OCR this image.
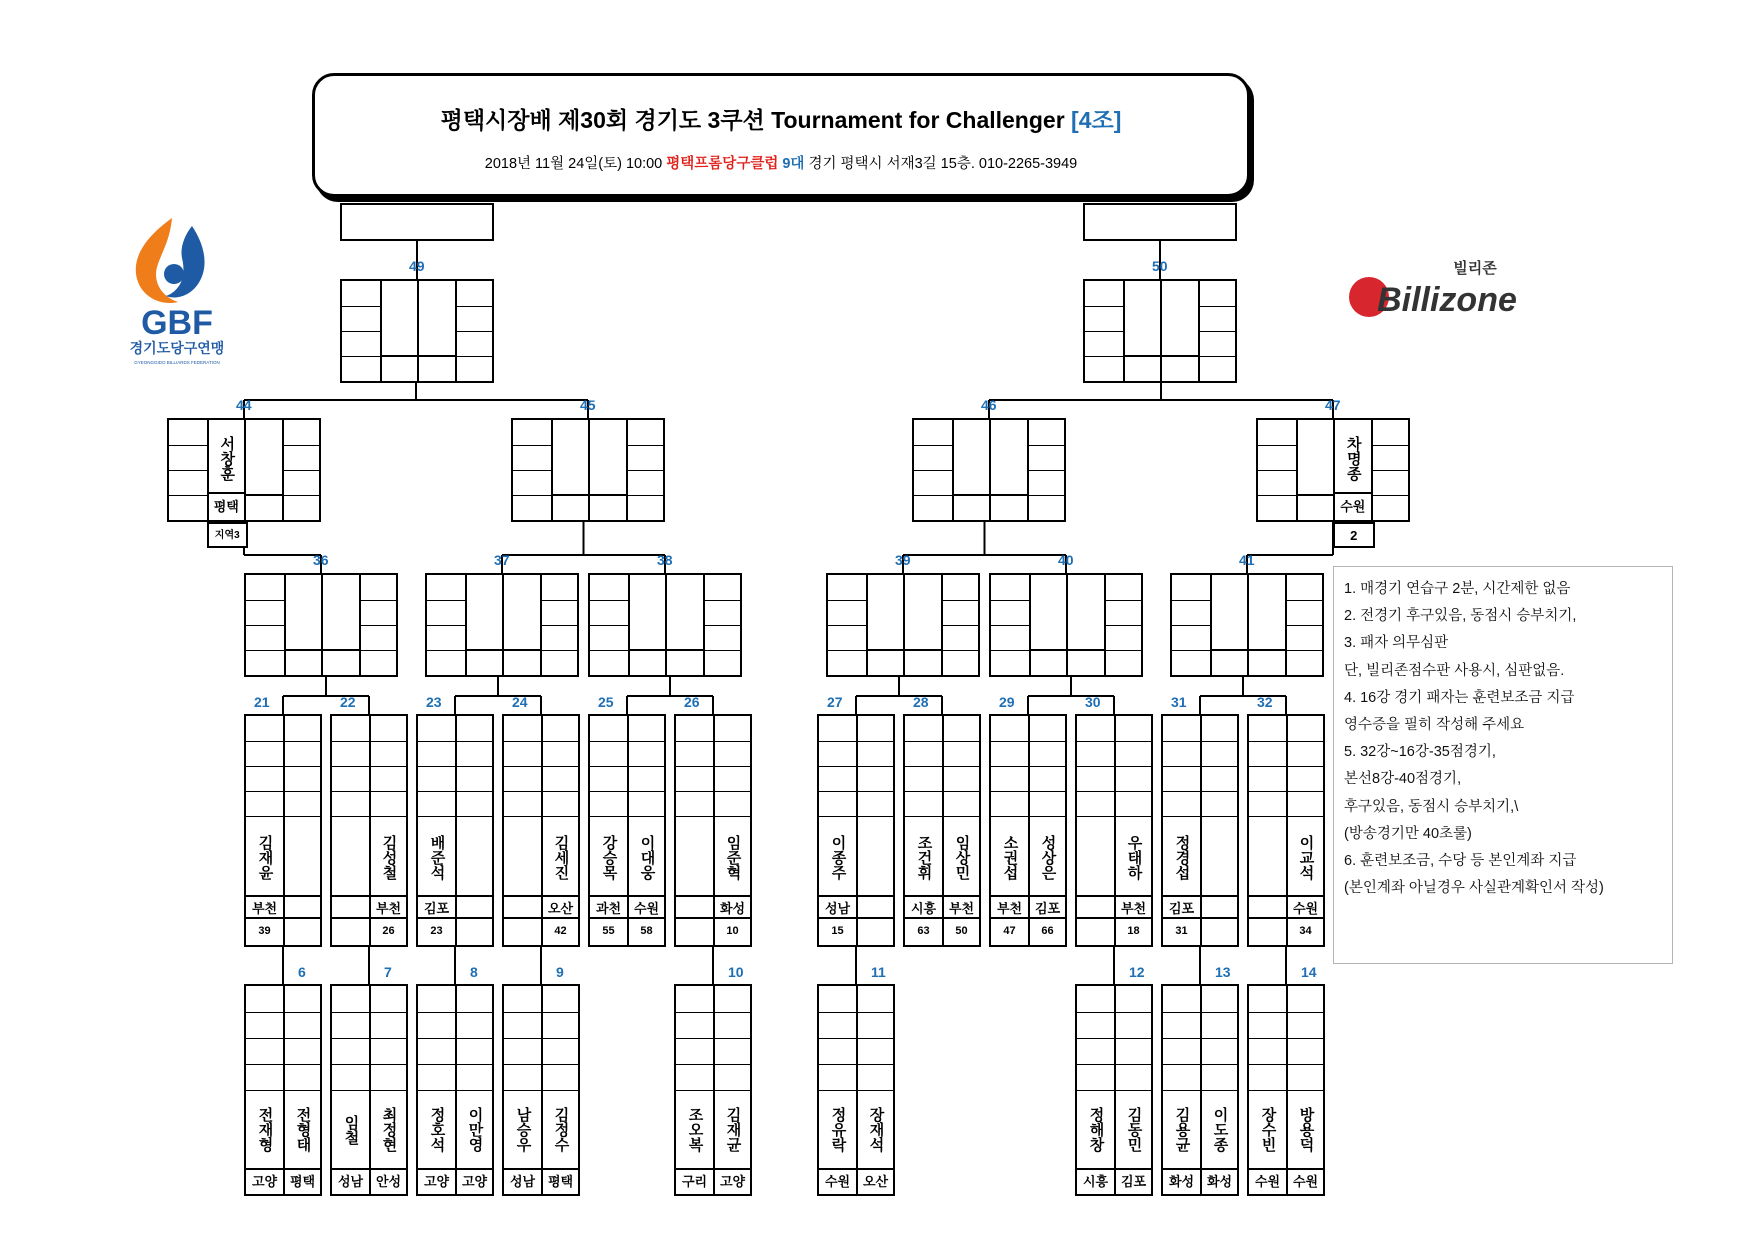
평택시장배 제30회 경기도 3쿠션 Tournament for Challenger [4조]
2018년 11월 24일(토) 10:00 평택프롬당구클럽 9대 경기 평택시 서재3길 15층. 010-2265-3949
GBF
경기도당구연맹
GYEONGGIDO BILLIARDS FEDERATION
빌리존
Billizone
전재형
고양
전형태
평택
6
임철
성남
최정현
안성
7
정호석
고양
이만영
고양
8
남승우
성남
김정수
평택
9
조오복
구리
김재균
고양
10
정유락
수원
장재석
오산
11
정해창
시흥
김동민
김포
12
김용균
화성
이도종
화성
13
장수빈
수원
방용덕
수원
14
김재윤
부천
39
21
김성철
부천
26
22
배준석
김포
23
23
김세진
오산
42
24
강승목
과천
55
이대웅
수원
58
25
임준혁
화성
10
26
이종주
성남
15
27
조건휘
시흥
63
임상민
부천
50
28
소권섭
부천
47
성상은
김포
66
29
우태하
부천
18
30
정경섭
김포
31
31
이교석
수원
34
32
36	37	38	39	40	41
서창훈
평택
지역3
44	45	46
차명종
수원
2
47
49	50
1. 매경기 연습구 2분, 시간제한 없음
2. 전경기 후구있음, 동점시 승부치기,
3. 패자 의무심판
단, 빌리존점수판 사용시, 심판없음.
4. 16강 경기 패자는 훈련보조금 지급
영수증을 필히 작성해 주세요
5. 32강~16강-35점경기,
본선8강-40점경기,
후구있음, 동점시 승부치기,\
(방송경기만 40초룰)
6. 훈련보조금, 수당 등 본인계좌 지급
(본인계좌 아닐경우 사실관계확인서 작성)
